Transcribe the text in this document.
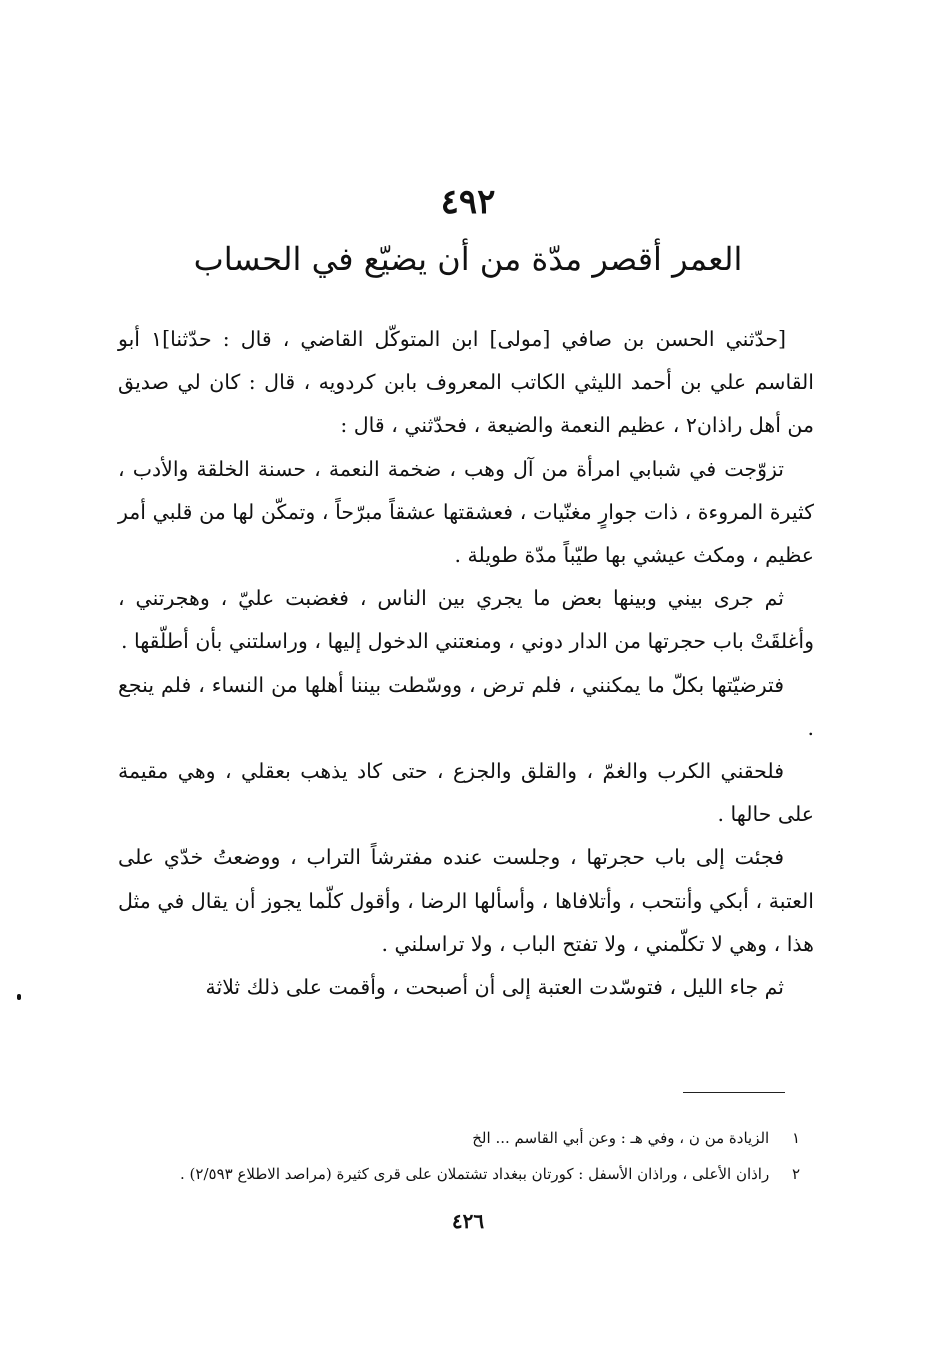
٤٩٢
العمر أقصر مدّة من أن يضيّع في الحساب

[حدّثني الحسن بن صافي [مولى] ابن المتوكّل القاضي ، قال : حدّثنا]١ أبو القاسم علي بن أحمد الليثي الكاتب المعروف بابن كردويه ، قال : كان لي صديق من أهل راذان٢ ، عظيم النعمة والضيعة ، فحدّثني ، قال :

تزوّجت في شبابي امرأة من آل وهب ، ضخمة النعمة ، حسنة الخلقة والأدب ، كثيرة المروءة ، ذات جوارٍ مغنّيات ، فعشقتها عشقاً مبرّحاً ، وتمكّن لها من قلبي أمر عظيم ، ومكث عيشي بها طيّباً مدّة طويلة .

ثم جرى بيني وبينها بعض ما يجري بين الناس ، فغضبت عليّ ، وهجرتني ، وأغلقَتْ باب حجرتها من الدار دوني ، ومنعتني الدخول إليها ، وراسلتني بأن أطلّقها .

فترضيّتها بكلّ ما يمكنني ، فلم ترض ، ووسّطت بيننا أهلها من النساء ، فلم ينجع .

فلحقني الكرب والغمّ ، والقلق والجزع ، حتى كاد يذهب بعقلي ، وهي مقيمة على حالها .

فجئت إلى باب حجرتها ، وجلست عنده مفترشاً التراب ، ووضعتُ خدّي على العتبة ، أبكي وأنتحب ، وأتلافاها ، وأسألها الرضا ، وأقول كلّما يجوز أن يقال في مثل هذا ، وهي لا تكلّمني ، ولا تفتح الباب ، ولا تراسلني .

ثم جاء الليل ، فتوسّدت العتبة إلى أن أصبحت ، وأقمت على ذلك ثلاثة

١ الزيادة من ن ، وفي هـ : وعن أبي القاسم ... الخ
٢ راذان الأعلى ، وراذان الأسفل : كورتان ببغداد تشتملان على قرى كثيرة (مراصد الاطلاع ٢/٥٩٣) .
٤٢٦
